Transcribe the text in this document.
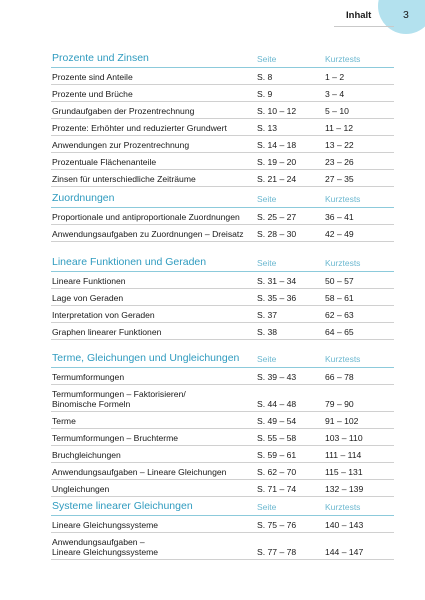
3
Inhalt
Prozente und Zinsen	Seite	Kurztests
Prozente sind Anteile	S. 8	1 – 2
Prozente und Brüche	S. 9	3 – 4
Grundaufgaben der Prozentrechnung	S. 10 – 12	5 – 10
Prozente: Erhöhter und reduzierter Grundwert	S. 13	11 – 12
Anwendungen zur Prozentrechnung	S. 14 – 18	13 – 22
Prozentuale Flächenanteile	S. 19 – 20	23 – 26
Zinsen für unterschiedliche Zeiträume	S. 21 – 24	27 – 35
Zuordnungen	Seite	Kurztests
Proportionale und antiproportionale Zuordnungen	S. 25 – 27	36 – 41
Anwendungsaufgaben zu Zuordnungen – Dreisatz	S. 28 – 30	42 – 49
Lineare Funktionen und Geraden	Seite	Kurztests
Lineare Funktionen	S. 31 – 34	50 – 57
Lage von Geraden	S. 35 – 36	58 – 61
Interpretation von Geraden	S. 37	62 – 63
Graphen linearer Funktionen	S. 38	64 – 65
Terme, Gleichungen und Ungleichungen Seite	Kurztests
Termumformungen	S. 39 – 43	66 – 78
Termumformungen – Faktorisieren/
Binomische Formeln	S. 44 – 48	79 – 90
Terme	S. 49 – 54	91 – 102
Termumformungen – Bruchterme	S. 55 – 58	103 – 110
Bruchgleichungen	S. 59 – 61	111 – 114
Anwendungsaufgaben – Lineare Gleichungen	S. 62 – 70	115 – 131
Ungleichungen	S. 71 – 74	132 – 139
Systeme linearer Gleichungen	Seite	Kurztests
Lineare Gleichungssysteme	S. 75 – 76	140 – 143
Anwendungsaufgaben –
Lineare Gleichungssysteme	S. 77 – 78	144 – 147
